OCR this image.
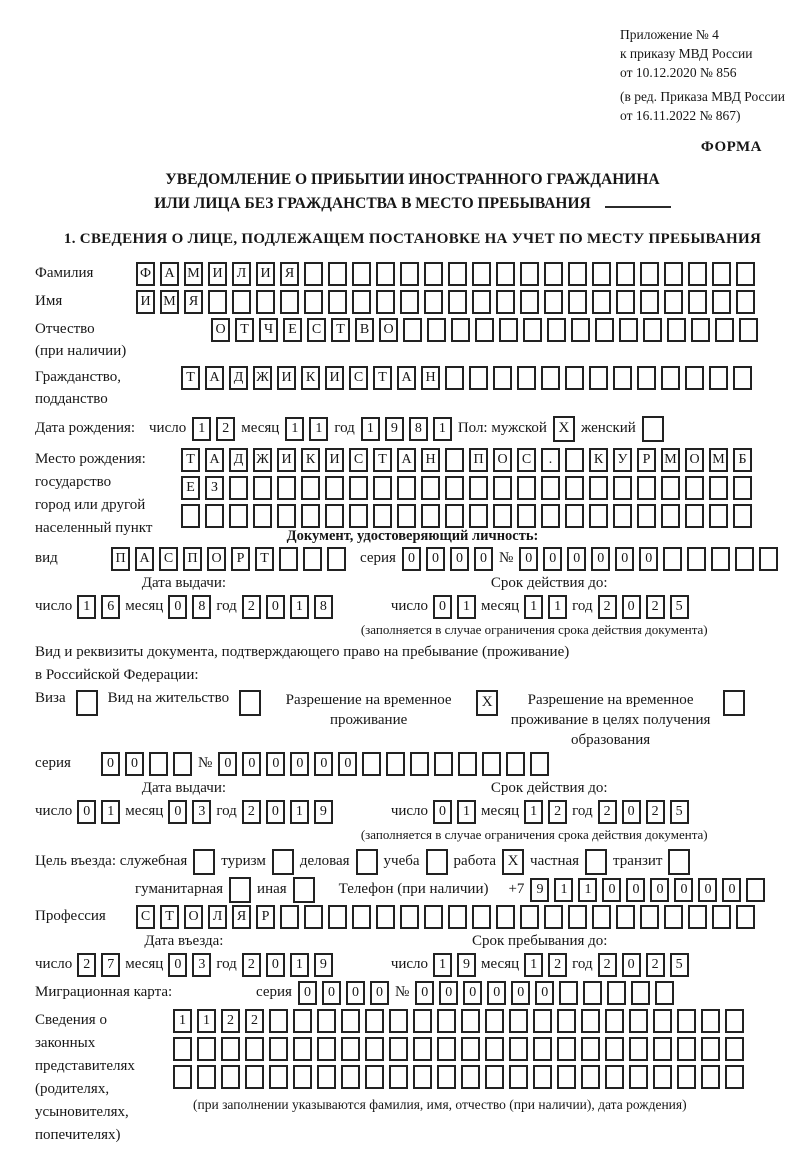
Приложение № 4
к приказу МВД России
от 10.12.2020 № 856
(в ред. Приказа МВД России
от 16.11.2022 № 867)
ФОРМА
УВЕДОМЛЕНИЕ О ПРИБЫТИИ ИНОСТРАННОГО ГРАЖДАНИНА
ИЛИ ЛИЦА БЕЗ ГРАЖДАНСТВА В МЕСТО ПРЕБЫВАНИЯ
1. СВЕДЕНИЯ О ЛИЦЕ, ПОДЛЕЖАЩЕМ ПОСТАНОВКЕ НА УЧЕТ ПО МЕСТУ ПРЕБЫВАНИЯ
Фамилия	Ф А М И	Л	И	Я
Имя	И М Я
Отчество
(при наличии)
О	Т	Ч	Е	С	Т	В	О
Гражданство,
подданство
Т	А	Д Ж И	К	И	С	Т	А Н
Дата рождения: число 1	2 месяц 1	1 год 1	9	8	1 Пол: мужской X женский
Место рождения:
государство
город или другой
населенный пункт
Т	А	Д Ж И	К	И	С	Т	А Н	П О	С	.	К	У	Р М О М Б
Е	З
Документ, удостоверяющий личность:
вид	П А	С	П О	Р	Т	серия 0	0	0	0 № 0	0	0	0	0	0
Дата выдачи:
число 1	6 месяц 0	8 год 2	0	1	8
Срок действия до:
число 0	1 месяц 1	1 год 2	0	2	5
(заполняется в случае ограничения срока действия документа)
Вид и реквизиты документа, подтверждающего право на пребывание (проживание)
в Российской Федерации:
Виза	Вид на жительство	Разрешение на временное проживание
X	Разрешение на временное проживание в целях получения образования
серия	0	0	№ 0	0	0	0	0	0
Дата выдачи:
число 0	1 месяц 0	3 год 2	0	1	9
Срок действия до:
число 0	1 месяц 1	2 год 2	0	2	5
(заполняется в случае ограничения срока действия документа)
Цель въезда: служебная туризм деловая учеба работа X частная транзит
гуманитарная иная	Телефон (при наличии) +7 9	1	1	0	0	0	0	0	0
Профессия	С	Т	О	Л	Я	Р
Дата въезда:
число 2	7 месяц 0	3 год 2	0	1	9
Срок пребывания до:
число 1	9 месяц 1	2 год 2	0	2	5
Миграционная карта:	серия 0	0	0	0 № 0	0	0	0	0	0
Сведения о
законных
представителях
(родителях,
усыновителях,
попечителях)
1	1	2	2
(при заполнении указываются фамилия, имя, отчество (при наличии), дата рождения)
